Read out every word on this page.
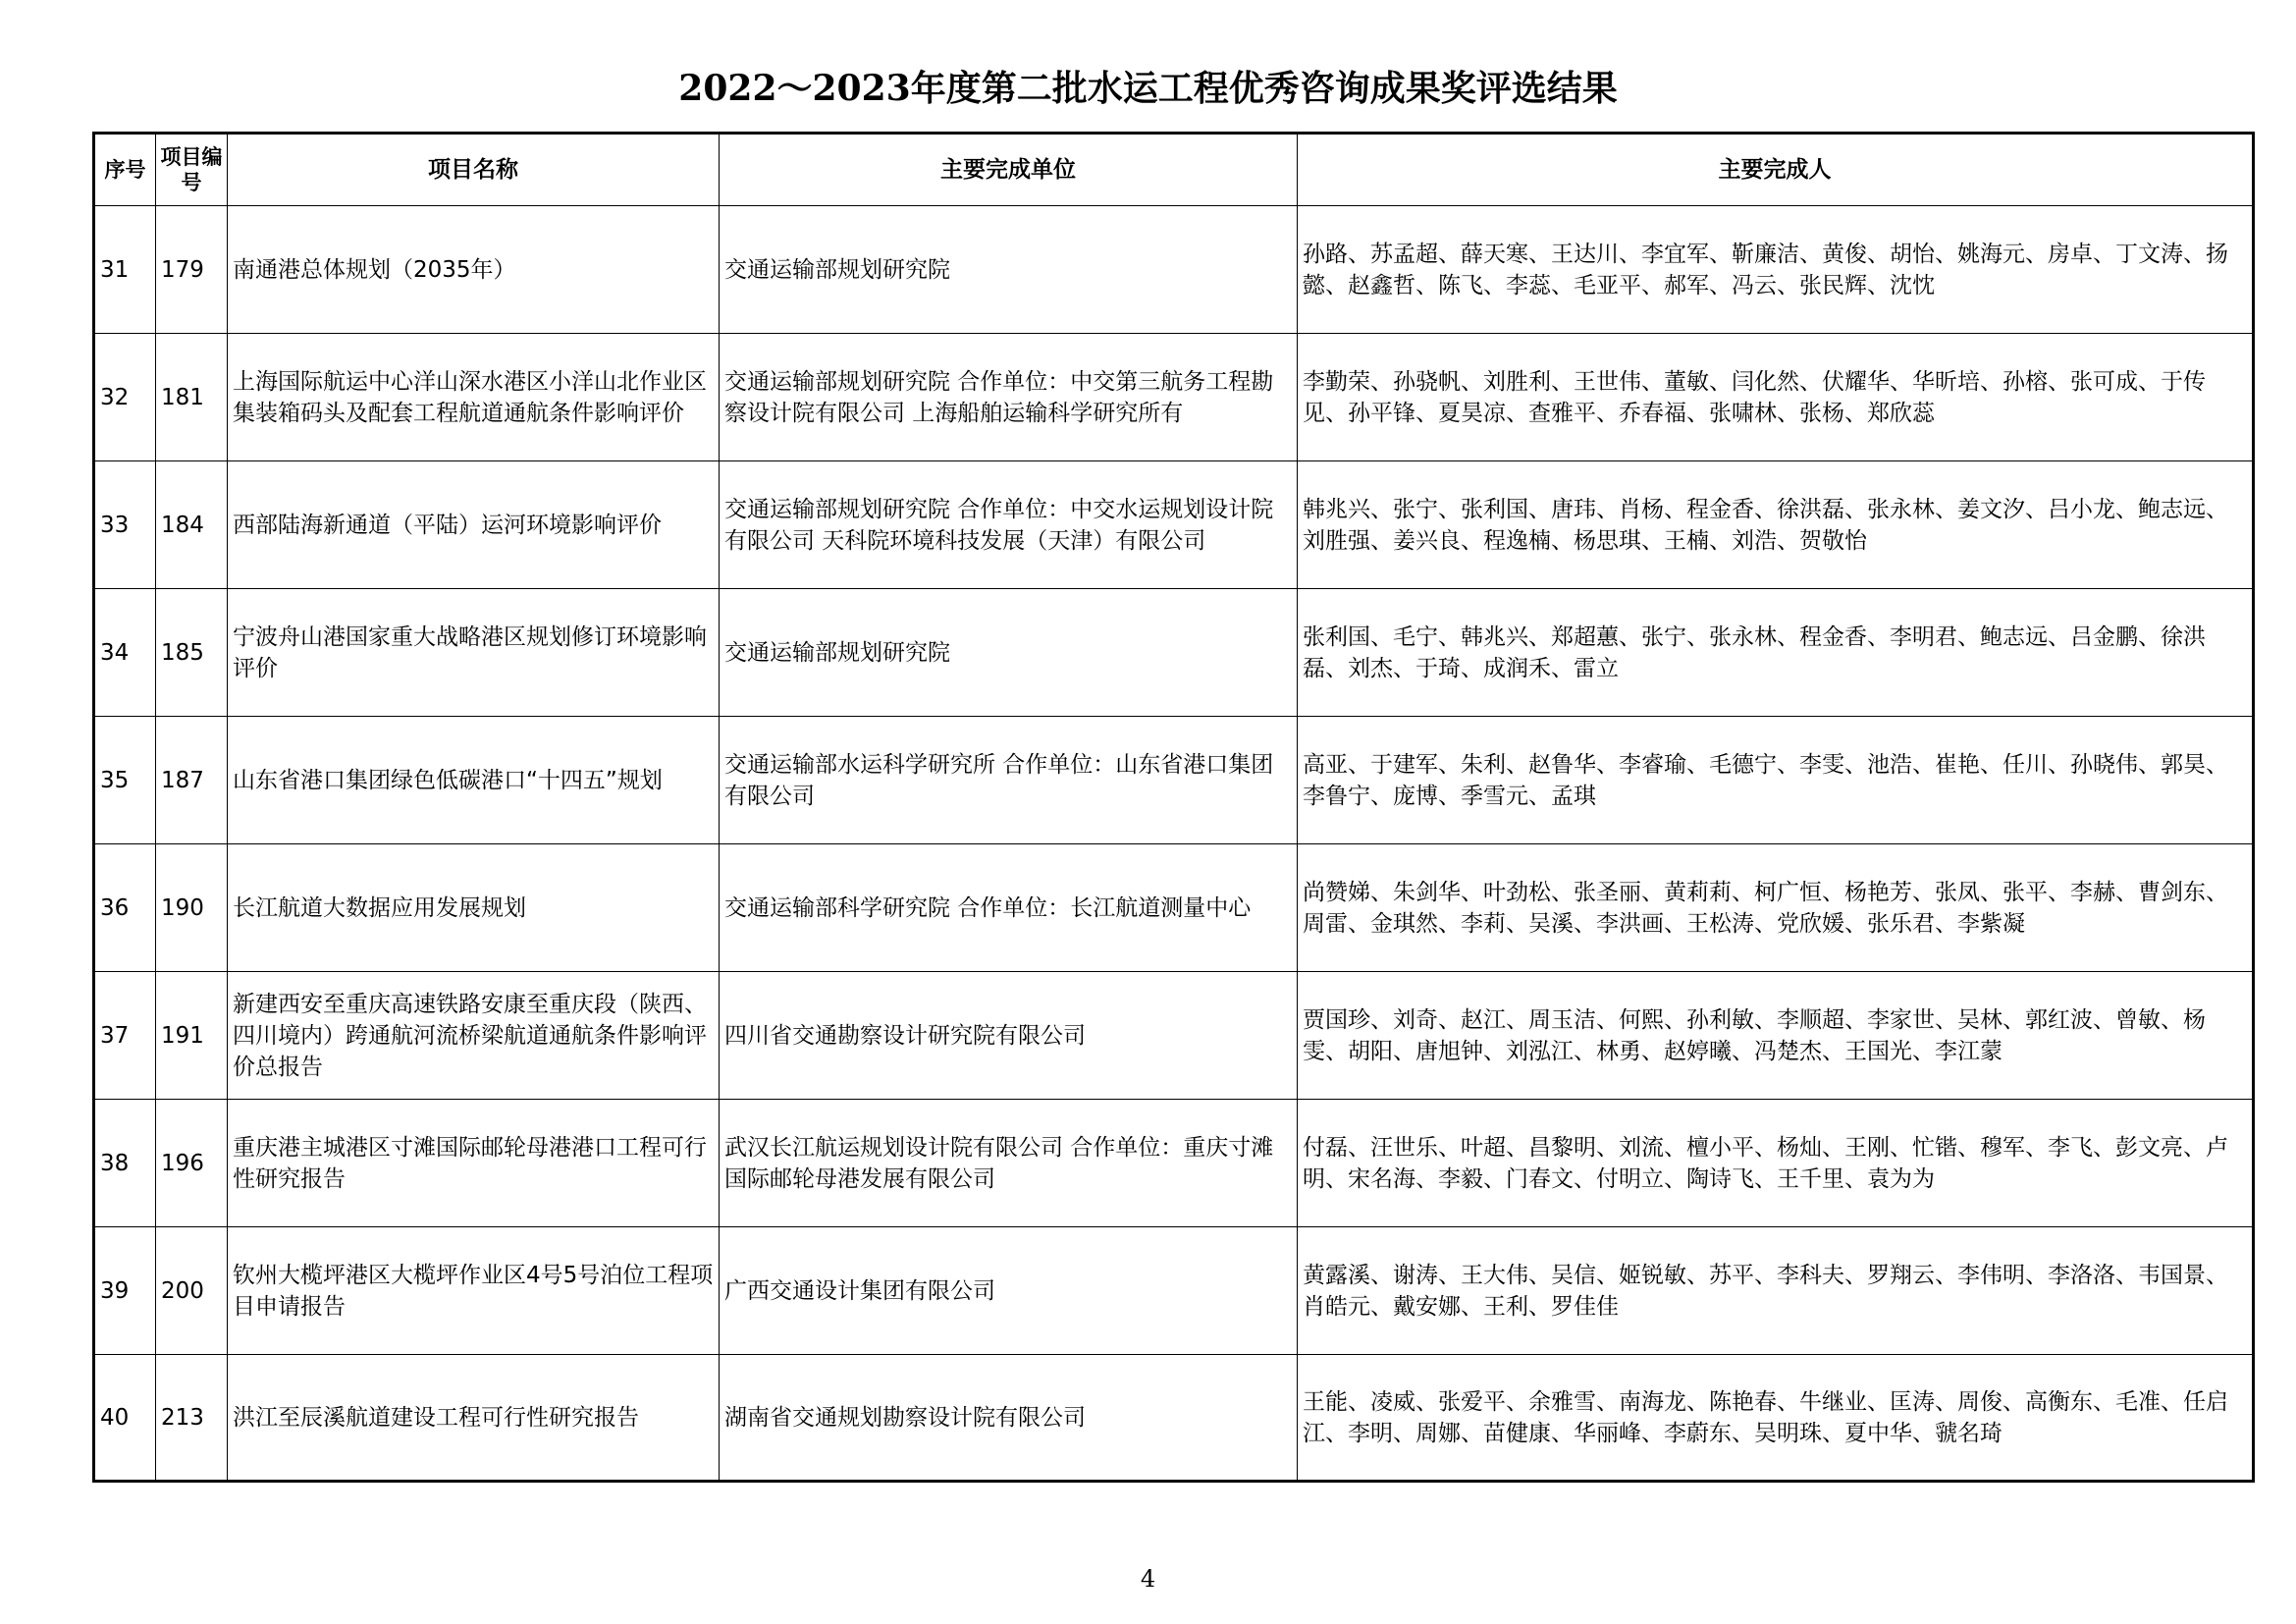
2022～2023年度第二批水运工程优秀咨询成果奖评选结果
序号	项目编号	项目名称	主要完成单位	主要完成人
31	179	南通港总体规划（2035年）	交通运输部规划研究院	孙路、苏孟超、薛天寒、王达川、李宜军、靳廉洁、黄俊、胡怡、姚海元、房卓、丁文涛、扬懿、赵鑫哲、陈飞、李蕊、毛亚平、郝军、冯云、张民辉、沈忱
32	181	上海国际航运中心洋山深水港区小洋山北作业区集装箱码头及配套工程航道通航条件影响评价	交通运输部规划研究院 合作单位：中交第三航务工程勘察设计院有限公司 上海船舶运输科学研究所有	李勤荣、孙骁帆、刘胜利、王世伟、董敏、闫化然、伏耀华、华昕培、孙榕、张可成、于传见、孙平锋、夏昊凉、查雅平、乔春福、张啸林、张杨、郑欣蕊
33	184	西部陆海新通道（平陆）运河环境影响评价	交通运输部规划研究院 合作单位：中交水运规划设计院有限公司 天科院环境科技发展（天津）有限公司	韩兆兴、张宁、张利国、唐玮、肖杨、程金香、徐洪磊、张永林、姜文汐、吕小龙、鲍志远、刘胜强、姜兴良、程逸楠、杨思琪、王楠、刘浩、贺敬怡
34	185	宁波舟山港国家重大战略港区规划修订环境影响评价	交通运输部规划研究院	张利国、毛宁、韩兆兴、郑超蕙、张宁、张永林、程金香、李明君、鲍志远、吕金鹏、徐洪磊、刘杰、于琦、成润禾、雷立
35	187	山东省港口集团绿色低碳港口“十四五”规划	交通运输部水运科学研究所 合作单位：山东省港口集团有限公司	高亚、于建军、朱利、赵鲁华、李睿瑜、毛德宁、李雯、池浩、崔艳、任川、孙晓伟、郭昊、李鲁宁、庞博、季雪元、孟琪
36	190	长江航道大数据应用发展规划	交通运输部科学研究院 合作单位：长江航道测量中心	尚赞娣、朱剑华、叶劲松、张圣丽、黄莉莉、柯广恒、杨艳芳、张凤、张平、李赫、曹剑东、周雷、金琪然、李莉、吴溪、李洪画、王松涛、党欣媛、张乐君、李紫凝
37	191	新建西安至重庆高速铁路安康至重庆段（陕西、四川境内）跨通航河流桥梁航道通航条件影响评价总报告	四川省交通勘察设计研究院有限公司	贾国珍、刘奇、赵江、周玉洁、何熙、孙利敏、李顺超、李家世、吴林、郭红波、曾敏、杨雯、胡阳、唐旭钟、刘泓江、林勇、赵婷曦、冯楚杰、王国光、李江蒙
38	196	重庆港主城港区寸滩国际邮轮母港港口工程可行性研究报告	武汉长江航运规划设计院有限公司 合作单位：重庆寸滩国际邮轮母港发展有限公司	付磊、汪世乐、叶超、昌黎明、刘流、檀小平、杨灿、王刚、忙锴、穆军、李飞、彭文亮、卢明、宋名海、李毅、门春文、付明立、陶诗飞、王千里、袁为为
39	200	钦州大榄坪港区大榄坪作业区4号5号泊位工程项目申请报告	广西交通设计集团有限公司	黄露溪、谢涛、王大伟、吴信、姬锐敏、苏平、李科夫、罗翔云、李伟明、李洛洛、韦国景、肖皓元、戴安娜、王利、罗佳佳
40	213	洪江至辰溪航道建设工程可行性研究报告	湖南省交通规划勘察设计院有限公司	王能、凌威、张爱平、余雅雪、南海龙、陈艳春、牛继业、匡涛、周俊、高衡东、毛准、任启江、李明、周娜、苗健康、华丽峰、李蔚东、吴明珠、夏中华、虢名琦
4
